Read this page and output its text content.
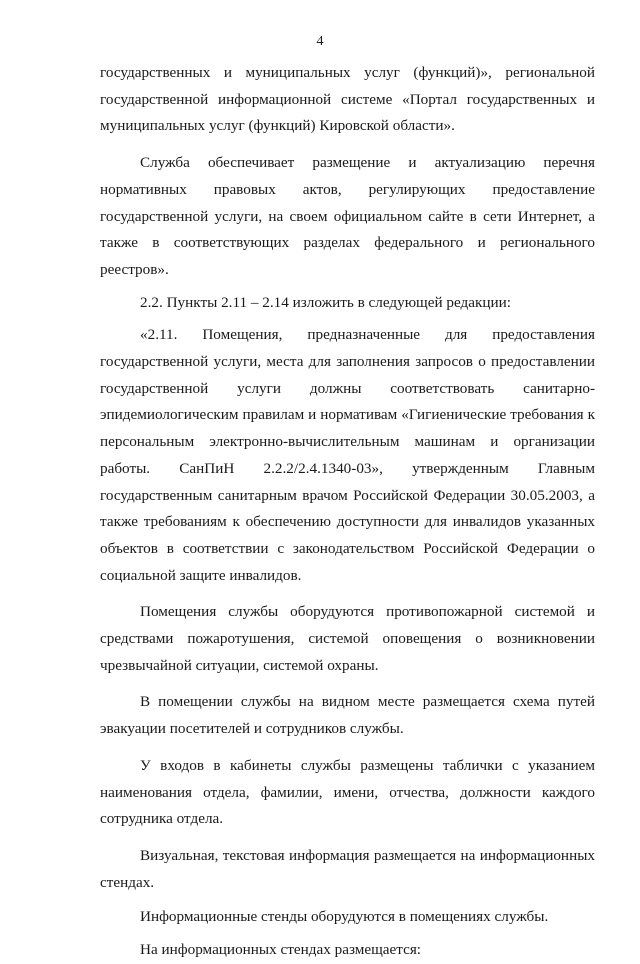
4

государственных и муниципальных услуг (функций)», региональной государственной информационной системе «Портал государственных и муниципальных услуг (функций) Кировской области».

Служба обеспечивает размещение и актуализацию перечня нормативных правовых актов, регулирующих предоставление государственной услуги, на своем официальном сайте в сети Интернет, а также в соответствующих разделах федерального и регионального реестров».

2.2. Пункты 2.11 – 2.14 изложить в следующей редакции:

«2.11. Помещения, предназначенные для предоставления государственной услуги, места для заполнения запросов о предоставлении государственной услуги должны соответствовать санитарно-эпидемиологическим правилам и нормативам «Гигиенические требования к персональным электронно-вычислительным машинам и организации работы. СанПиН 2.2.2/2.4.1340-03», утвержденным Главным государственным санитарным врачом Российской Федерации 30.05.2003, а также требованиям к обеспечению доступности для инвалидов указанных объектов в соответствии с законодательством Российской Федерации о социальной защите инвалидов.

Помещения службы оборудуются противопожарной системой и средствами пожаротушения, системой оповещения о возникновении чрезвычайной ситуации, системой охраны.

В помещении службы на видном месте размещается схема путей эвакуации посетителей и сотрудников службы.

У входов в кабинеты службы размещены таблички с указанием наименования отдела, фамилии, имени, отчества, должности каждого сотрудника отдела.

Визуальная, текстовая информация размещается на информационных стендах.

Информационные стенды оборудуются в помещениях службы.

На информационных стендах размещается:
